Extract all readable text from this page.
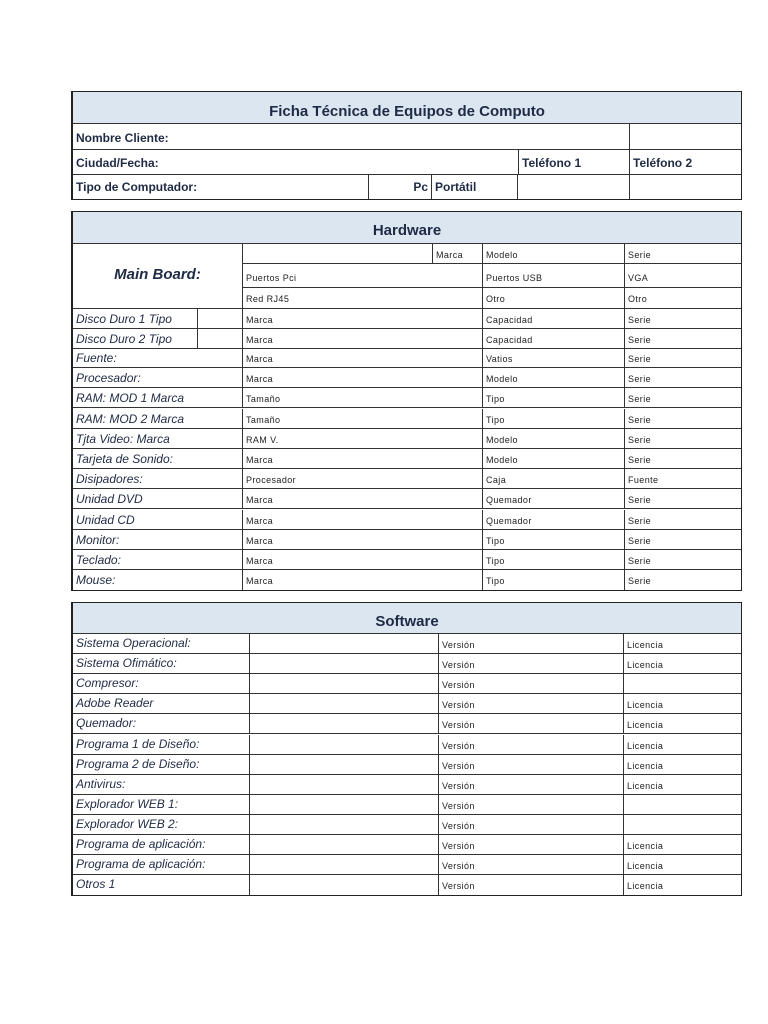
Ficha Técnica de Equipos de Computo
Nombre Cliente:
Ciudad/Fecha:	Teléfono 1	Teléfono 2
Tipo de Computador:	Pc Portátil
Hardware
Main Board:
Marca	Modelo	Serie
Puertos Pci	Puertos USB	VGA
Red RJ45	Otro	Otro
Disco Duro 1 Tipo	Marca	Capacidad	Serie
Disco Duro 2 Tipo	Marca	Capacidad	Serie
Fuente:	Marca	Vatios	Serie
Procesador:	Marca	Modelo	Serie
RAM: MOD 1 Marca	Tamaño	Tipo	Serie
RAM: MOD 2 Marca	Tamaño	Tipo	Serie
Tjta Video: Marca	RAM V.	Modelo	Serie
Tarjeta de Sonido:	Marca	Modelo	Serie
Disipadores:	Procesador	Caja	Fuente
Unidad DVD	Marca	Quemador	Serie
Unidad CD	Marca	Quemador	Serie
Monitor:	Marca	Tipo	Serie
Teclado:	Marca	Tipo	Serie
Mouse:	Marca	Tipo	Serie
Software
Sistema Operacional:	Versión	Licencia
Sistema Ofimático:	Versión	Licencia
Compresor:	Versión
Adobe Reader	Versión	Licencia
Quemador:	Versión	Licencia
Programa 1 de Diseño:	Versión	Licencia
Programa 2 de Diseño:	Versión	Licencia
Antivirus:	Versión	Licencia
Explorador WEB 1:	Versión
Explorador WEB 2:	Versión
Programa de aplicación:	Versión	Licencia
Programa de aplicación:	Versión	Licencia
Otros 1	Versión	Licencia
